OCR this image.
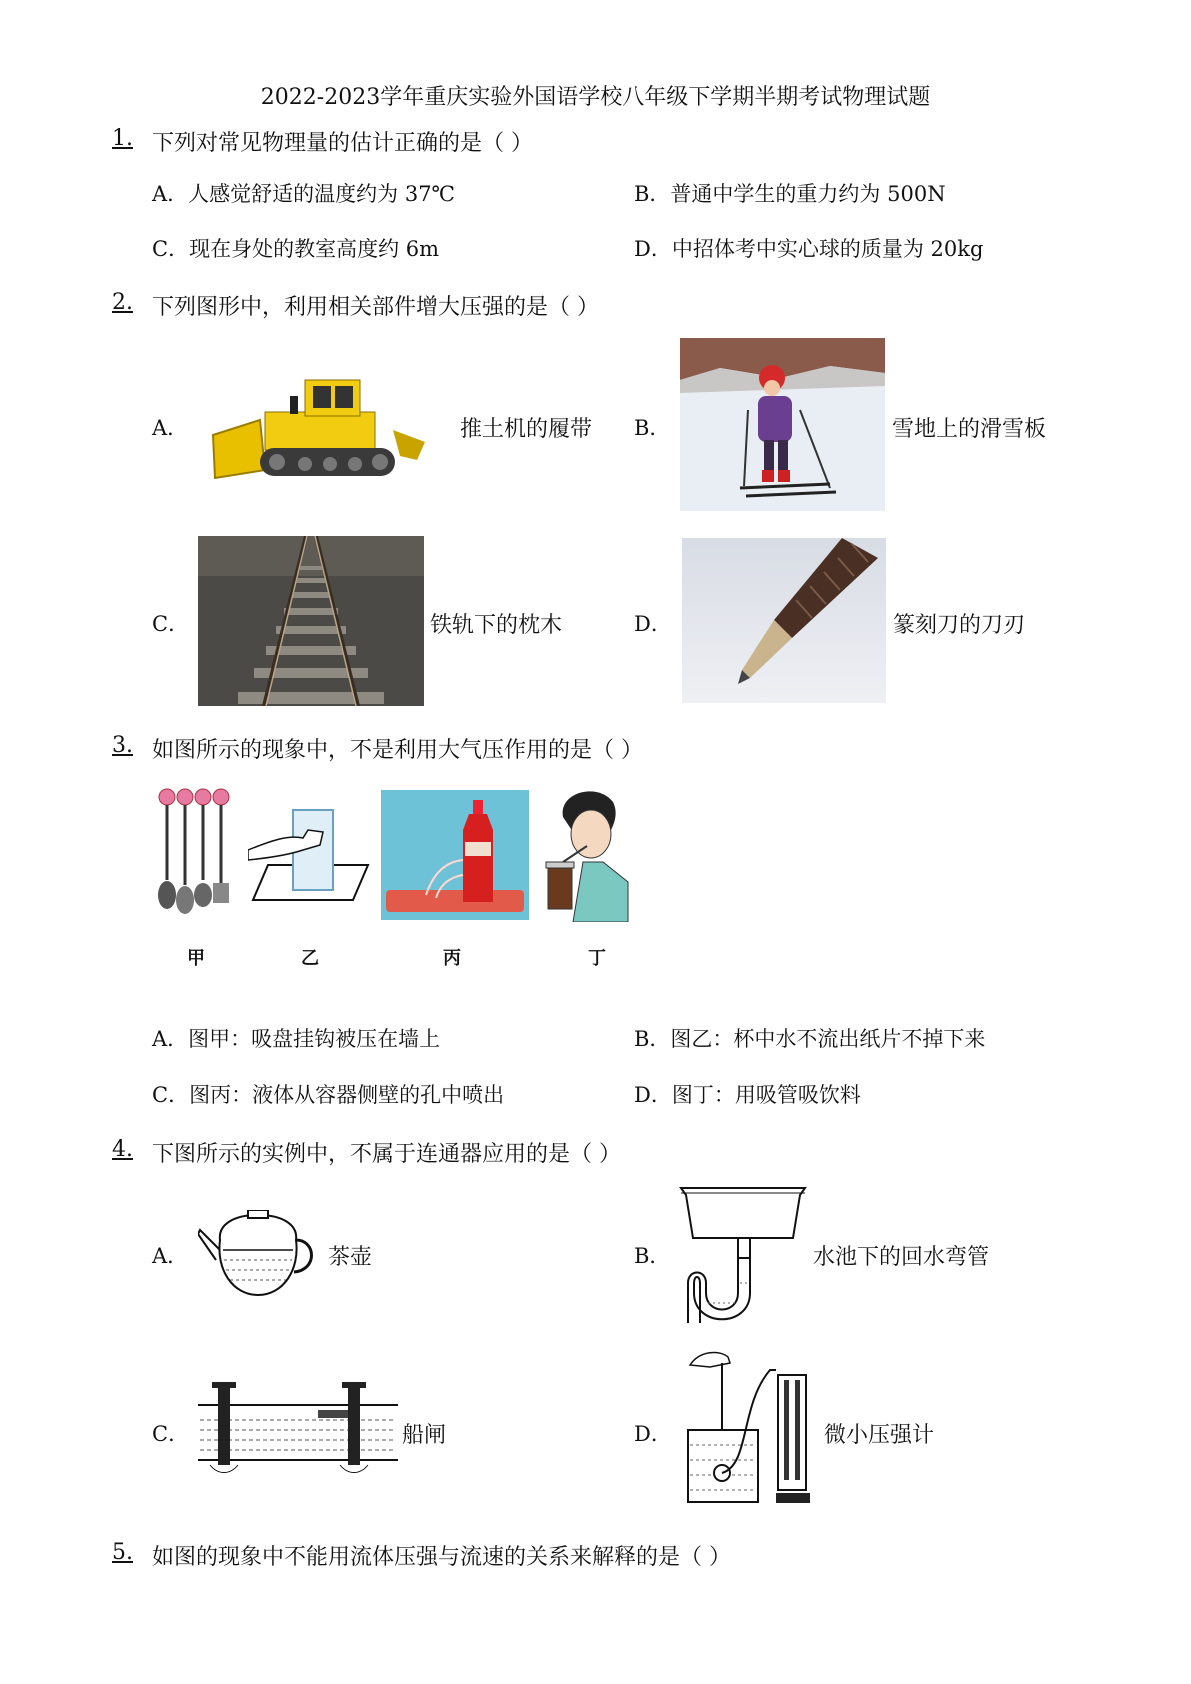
2022-2023学年重庆实验外国语学校八年级下学期半期考试物理试题
1. 下列对常见物理量的估计正确的是（ ）
A．人感觉舒适的温度约为 37℃	B．普通中学生的重力约为 500N
C．现在身处的教室高度约 6m	D．中招体考中实心球的质量为 20kg
2. 下列图形中，利用相关部件增大压强的是（ ）
A．	推土机的履带 B．	雪地上的滑雪板
C．	铁轨下的枕木	D．	篆刻刀的刀刃
3. 如图所示的现象中，不是利用大气压作用的是（ ）
甲	乙	丙	丁
A．图甲：吸盘挂钩被压在墙上	B．图乙：杯中水不流出纸片不掉下来
C．图丙：液体从容器侧壁的孔中喷出	D．图丁：用吸管吸饮料
4. 下图所示的实例中，不属于连通器应用的是（ ）
A．	茶壶	B．	水池下的回水弯管
C．	船闸	D．	微小压强计
5. 如图的现象中不能用流体压强与流速的关系来解释的是（ ）
